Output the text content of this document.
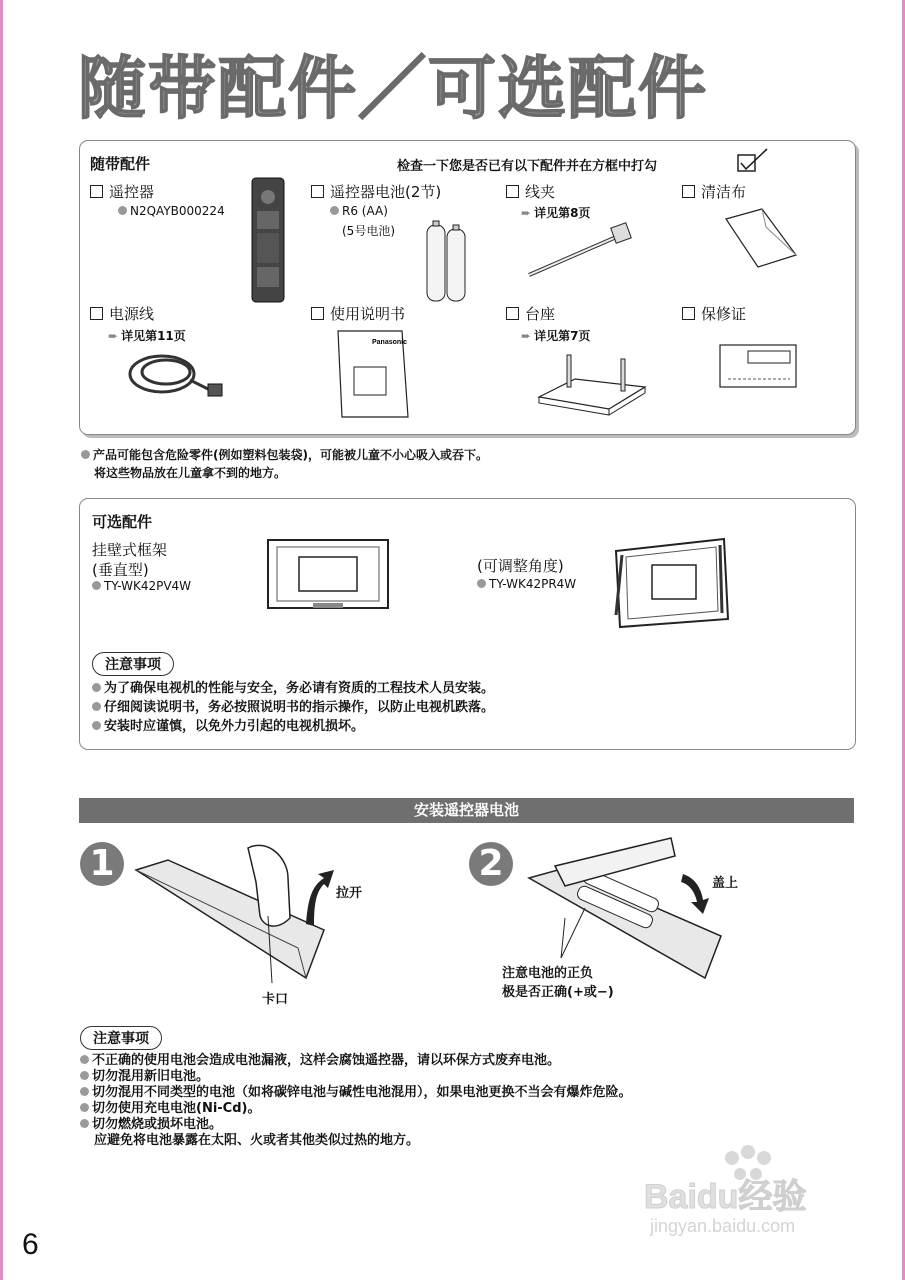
随带配件／可选配件
随带配件	检查一下您是否已有以下配件并在方框中打勾
遥控器
N2QAYB000224
遥控器电池(2节)
R6 (AA)
(5号电池)
线夹
➨ 详见第8页
清洁布
电源线
➨ 详见第11页
使用说明书
Panasonic
台座
➨ 详见第7页
保修证
产品可能包含危险零件(例如塑料包装袋)，可能被儿童不小心吸入或吞下。
将这些物品放在儿童拿不到的地方。
可选配件
挂壁式框架
(垂直型)
TY-WK42PV4W
(可调整角度)
TY-WK42PR4W
注意事项
为了确保电视机的性能与安全，务必请有资质的工程技术人员安装。
仔细阅读说明书，务必按照说明书的指示操作，以防止电视机跌落。
安装时应谨慎，以免外力引起的电视机损坏。
安装遥控器电池
1
拉开
卡口
2	盖上
注意电池的正负
极是否正确(+或−)
注意事项
不正确的使用电池会造成电池漏液，这样会腐蚀遥控器，请以环保方式废弃电池。
切勿混用新旧电池。
切勿混用不同类型的电池（如将碳锌电池与碱性电池混用），如果电池更换不当会有爆炸危险。
切勿使用充电电池(Ni-Cd)。
切勿燃烧或损坏电池。
应避免将电池暴露在太阳、火或者其他类似过热的地方。
Baidu经验
jingyan.baidu.com
6
